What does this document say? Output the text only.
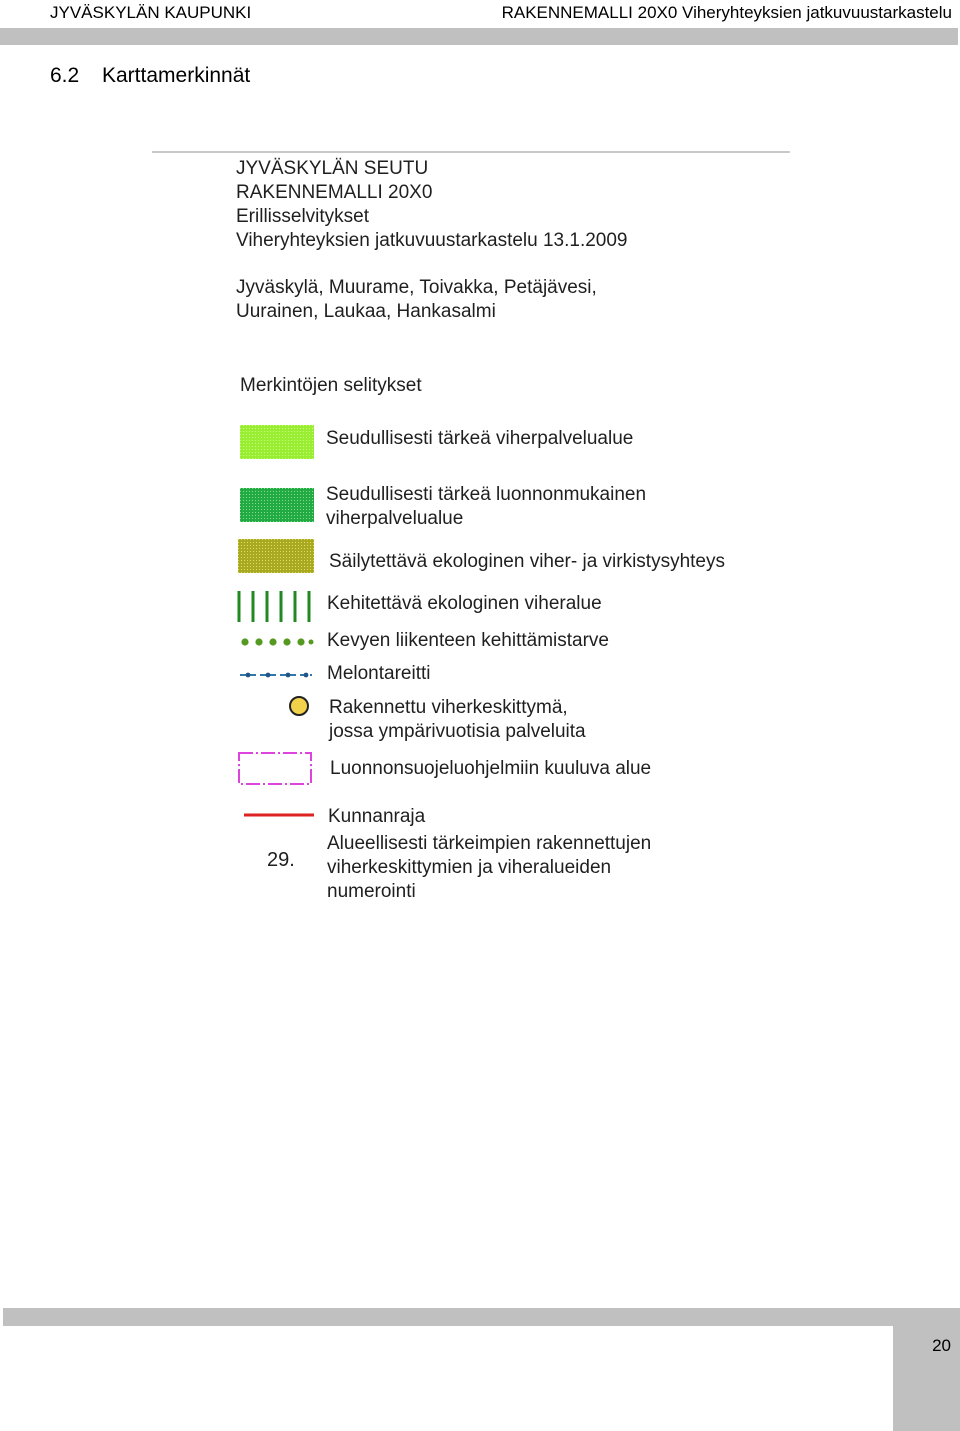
JYVÄSKYLÄN KAUPUNKI	RAKENNEMALLI 20X0 Viheryhteyksien jatkuvuustarkastelu
6.2 Karttamerkinnät
JYVÄSKYLÄN SEUTU
RAKENNEMALLI 20X0
Erillisselvitykset
Viheryhteyksien jatkuvuustarkastelu 13.1.2009
Jyväskylä, Muurame, Toivakka, Petäjävesi,
Uurainen, Laukaa, Hankasalmi
Merkintöjen selitykset
Seudullisesti tärkeä viherpalvelualue
Seudullisesti tärkeä luonnonmukainen
viherpalvelualue
Säilytettävä ekologinen viher- ja virkistysyhteys
Kehitettävä ekologinen viheralue
Kevyen liikenteen kehittämistarve
Melontareitti
Rakennettu viherkeskittymä,
jossa ympärivuotisia palveluita
Luonnonsuojeluohjelmiin kuuluva alue
Kunnanraja
29.
Alueellisesti tärkeimpien rakennettujen
viherkeskittymien ja viheralueiden
numerointi
20
